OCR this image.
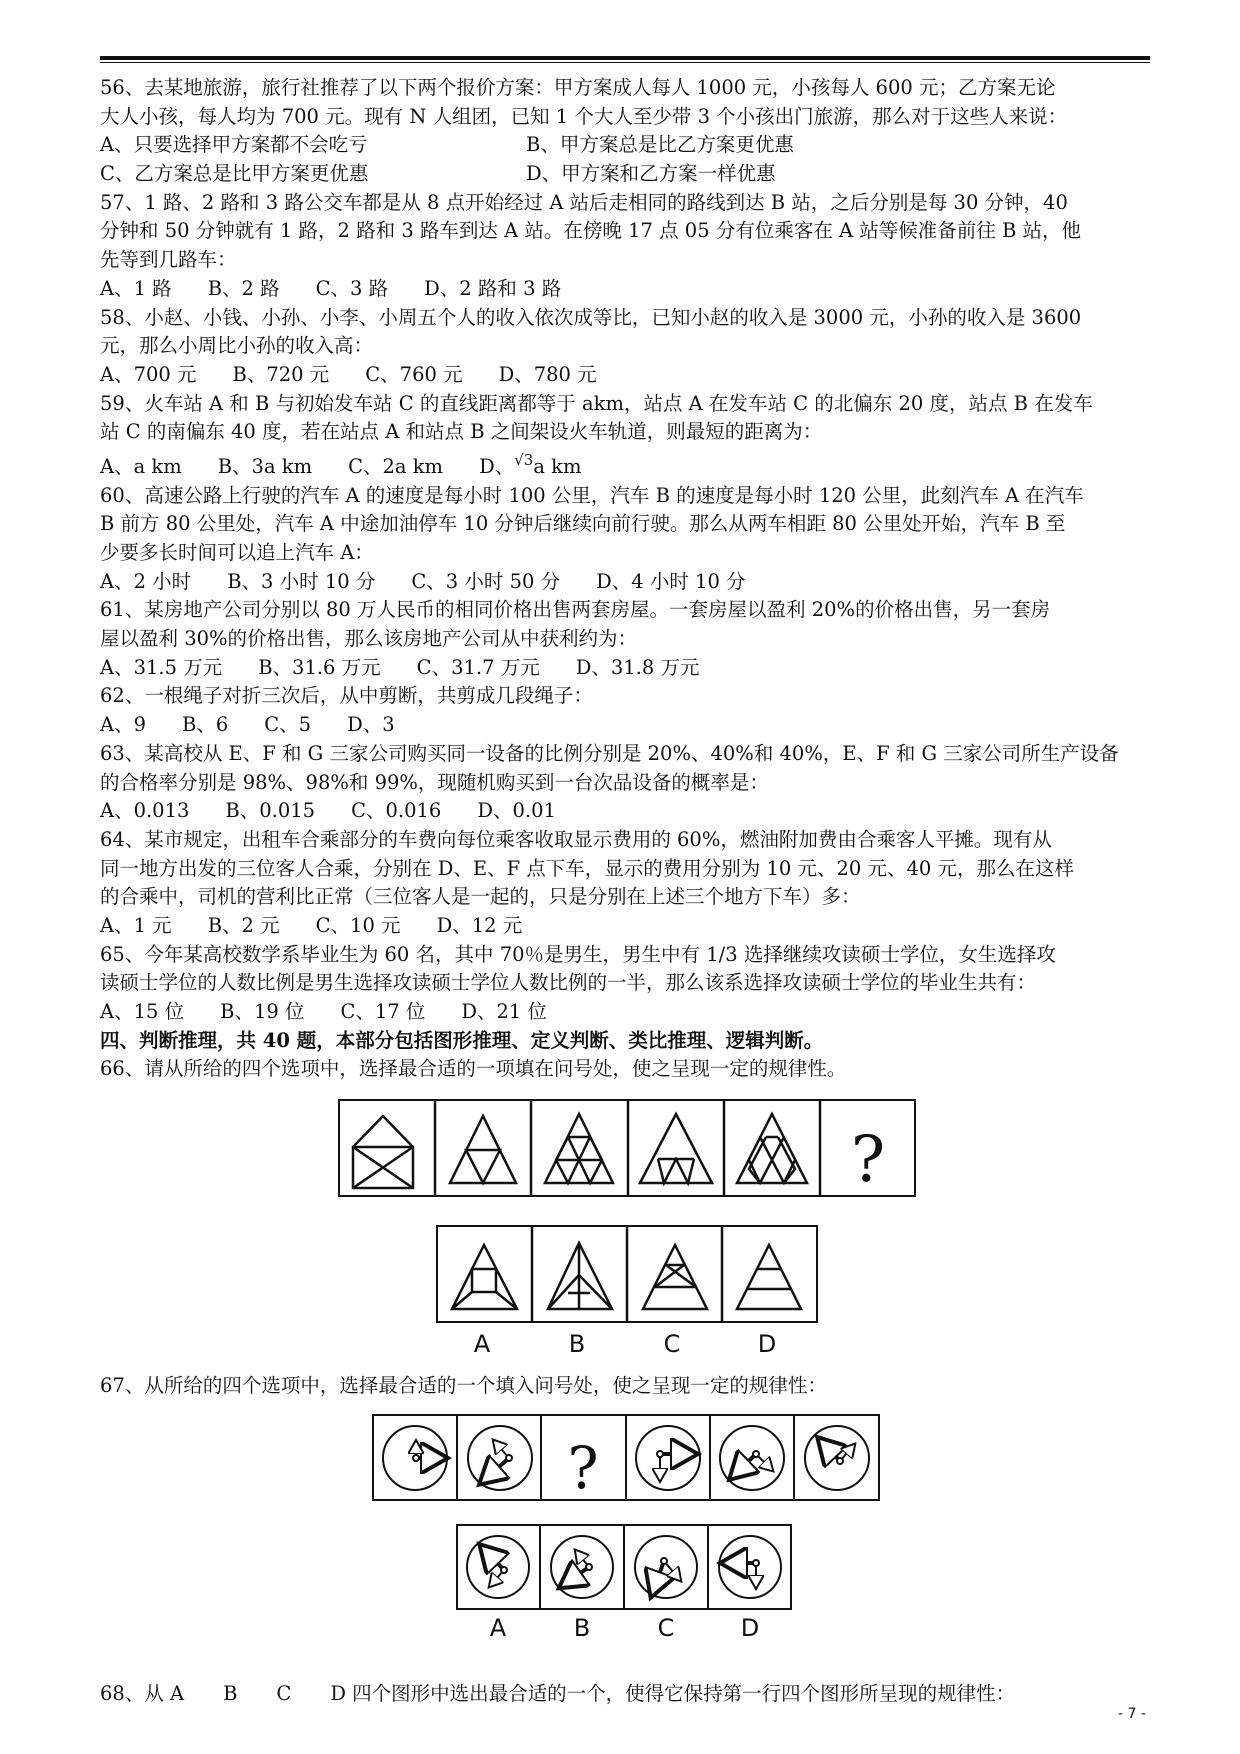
56、去某地旅游，旅行社推荐了以下两个报价方案：甲方案成人每人 1000 元，小孩每人 600 元；乙方案无论
大人小孩，每人均为 700 元。现有 N 人组团，已知 1 个大人至少带 3 个小孩出门旅游，那么对于这些人来说：
A、只要选择甲方案都不会吃亏	B、甲方案总是比乙方案更优惠
C、乙方案总是比甲方案更优惠	D、甲方案和乙方案一样优惠
57、1 路、2 路和 3 路公交车都是从 8 点开始经过 A 站后走相同的路线到达 B 站，之后分别是每 30 分钟，40
分钟和 50 分钟就有 1 路，2 路和 3 路车到达 A 站。在傍晚 17 点 05 分有位乘客在 A 站等候准备前往 B 站，他
先等到几路车：
A、1 路 B、2 路 C、3 路 D、2 路和 3 路
58、小赵、小钱、小孙、小李、小周五个人的收入依次成等比，已知小赵的收入是 3000 元，小孙的收入是 3600
元，那么小周比小孙的收入高：
A、700 元 B、720 元 C、760 元 D、780 元
59、火车站 A 和 B 与初始发车站 C 的直线距离都等于 akm，站点 A 在发车站 C 的北偏东 20 度，站点 B 在发车
站 C 的南偏东 40 度，若在站点 A 和站点 B 之间架设火车轨道，则最短的距离为：
A、a km B、3a km C、2a km D、$^{√3}$a km
60、高速公路上行驶的汽车 A 的速度是每小时 100 公里，汽车 B 的速度是每小时 120 公里，此刻汽车 A 在汽车
B 前方 80 公里处，汽车 A 中途加油停车 10 分钟后继续向前行驶。那么从两车相距 80 公里处开始，汽车 B 至
少要多长时间可以追上汽车 A：
A、2 小时 B、3 小时 10 分 C、3 小时 50 分 D、4 小时 10 分
61、某房地产公司分别以 80 万人民币的相同价格出售两套房屋。一套房屋以盈利 20%的价格出售，另一套房
屋以盈利 30%的价格出售，那么该房地产公司从中获利约为：
A、31.5 万元 B、31.6 万元 C、31.7 万元 D、31.8 万元
62、一根绳子对折三次后，从中剪断，共剪成几段绳子：
A、9 B、6 C、5 D、3
63、某高校从 E、F 和 G 三家公司购买同一设备的比例分别是 20%、40%和 40%，E、F 和 G 三家公司所生产设备
的合格率分别是 98%、98%和 99%，现随机购买到一台次品设备的概率是：
A、0.013 B、0.015 C、0.016 D、0.01
64、某市规定，出租车合乘部分的车费向每位乘客收取显示费用的 60%，燃油附加费由合乘客人平摊。现有从
同一地方出发的三位客人合乘，分别在 D、E、F 点下车，显示的费用分别为 10 元、20 元、40 元，那么在这样
的合乘中，司机的营利比正常（三位客人是一起的，只是分别在上述三个地方下车）多：
A、1 元 B、2 元 C、10 元 D、12 元
65、今年某高校数学系毕业生为 60 名，其中 70％是男生，男生中有 1/3 选择继续攻读硕士学位，女生选择攻
读硕士学位的人数比例是男生选择攻读硕士学位人数比例的一半，那么该系选择攻读硕士学位的毕业生共有：
A、15 位 B、19 位 C、17 位 D、21 位
四、判断推理，共 40 题，本部分包括图形推理、定义判断、类比推理、逻辑判断。
66、请从所给的四个选项中，选择最合适的一项填在问号处，使之呈现一定的规律性。
?
A	B	C	D
67、从所给的四个选项中，选择最合适的一个填入问号处，使之呈现一定的规律性：
?
A	B	C	D
68、从 A　　B　　C　　D 四个图形中选出最合适的一个，使得它保持第一行四个图形所呈现的规律性：
- 7 -
